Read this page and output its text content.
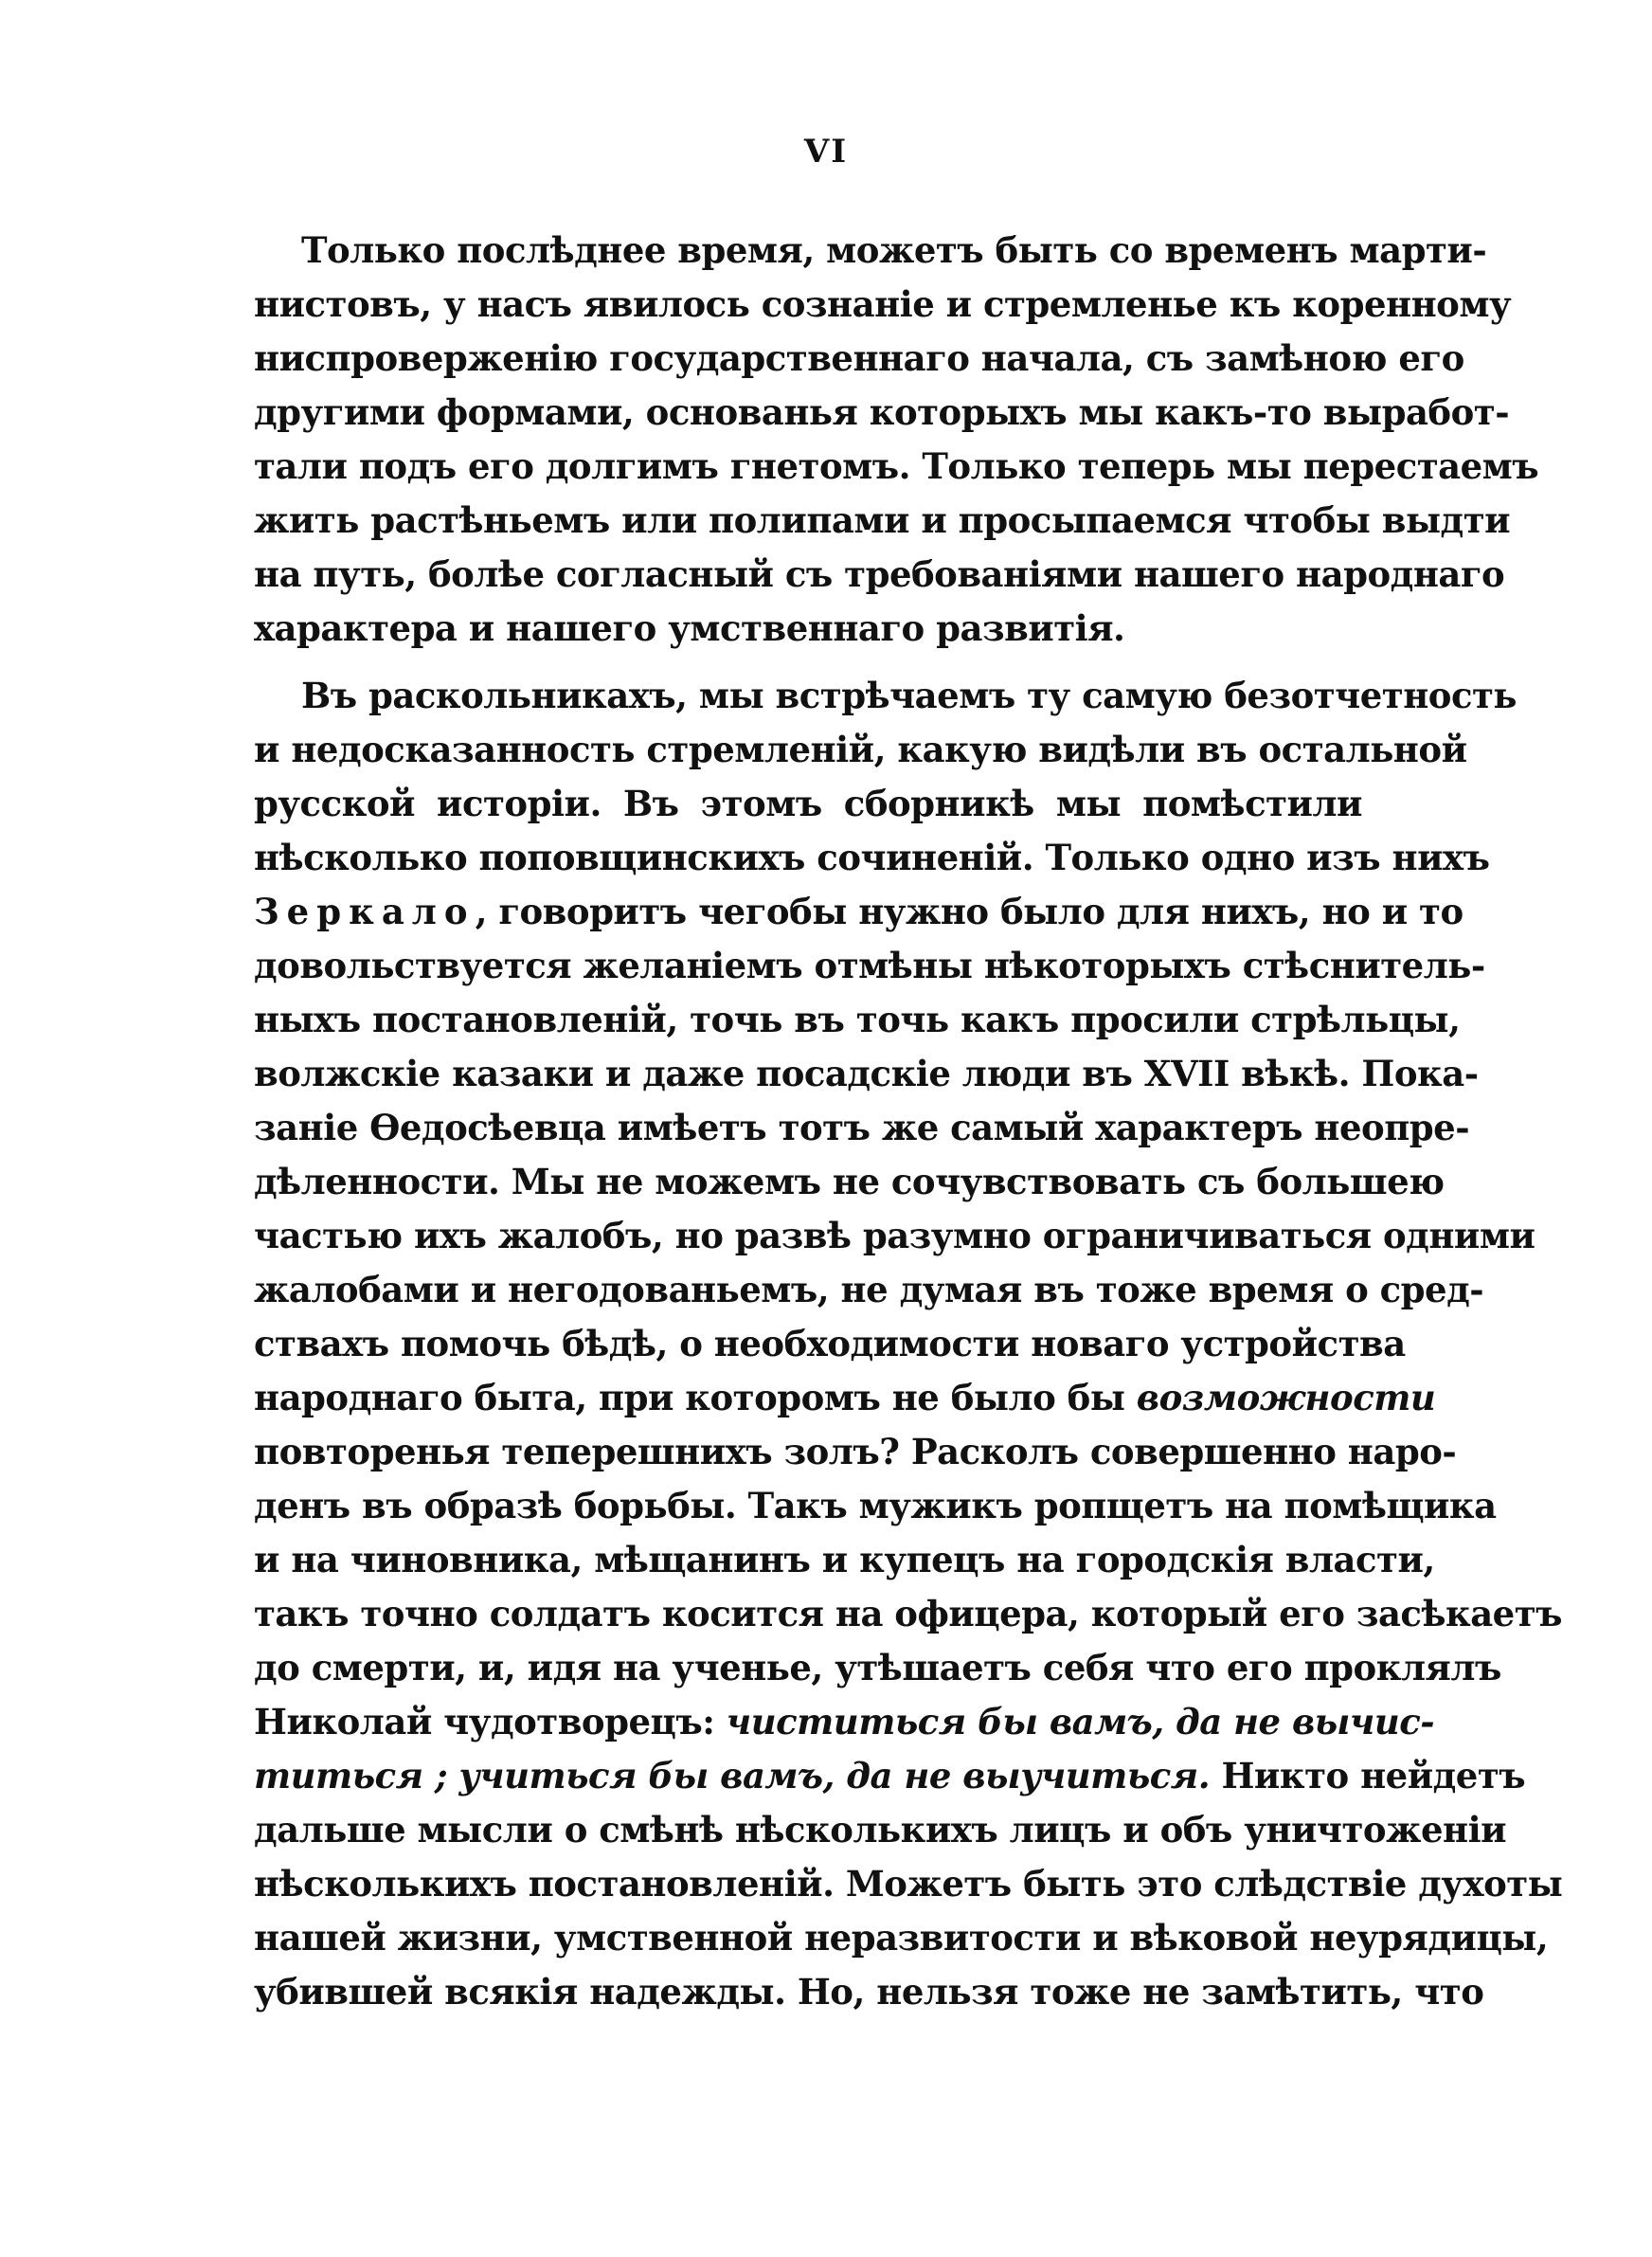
VI
Только послѣднее время, можетъ быть со временъ марти-
нистовъ, у насъ явилось сознаніе и стремленье къ коренному
ниспроверженію государственнаго начала, съ замѣною его
другими формами, основанья которыхъ мы какъ-то выработ-
тали подъ его долгимъ гнетомъ. Только теперь мы перестаемъ
жить растѣньемъ или полипами и просыпаемся чтобы выдти
на путь, болѣе согласный съ требованіями нашего народнаго
характера и нашего умственнаго развитія.
Въ раскольникахъ, мы встрѣчаемъ ту самую безотчетность
и недосказанность стремленій, какую видѣли въ остальной
русской исторіи. Въ этомъ сборникѣ мы помѣстили
нѣсколько поповщинскихъ сочиненій. Только одно изъ нихъ
Зеркало, говоритъ чегобы нужно было для нихъ, но и то
довольствуется желаніемъ отмѣны нѣкоторыхъ стѣснитель-
ныхъ постановленій, точь въ точь какъ просили стрѣльцы,
волжскіе казаки и даже посадскіе люди въ XVII вѣкѣ. Пока-
заніе Ѳедосѣевца имѣетъ тотъ же самый характеръ неопре-
дѣленности. Мы не можемъ не сочувствовать съ большею
частью ихъ жалобъ, но развѣ разумно ограничиваться одними
жалобами и негодованьемъ, не думая въ тоже время о сред-
ствахъ помочь бѣдѣ, о необходимости новаго устройства
народнаго быта, при которомъ не было бы возможности
повторенья теперешнихъ золъ? Расколъ совершенно наро-
денъ въ образѣ борьбы. Такъ мужикъ ропщетъ на помѣщика
и на чиновника, мѣщанинъ и купецъ на городскія власти,
такъ точно солдатъ косится на офицера, который его засѣкаетъ
до смерти, и, идя на ученье, утѣшаетъ себя что его проклялъ
Николай чудотворецъ: чиститься бы вамъ, да не вычис-
титься ; учиться бы вамъ, да не выучиться. Никто нейдетъ
дальше мысли о смѣнѣ нѣсколькихъ лицъ и объ уничтоженіи
нѣсколькихъ постановленій. Можетъ быть это слѣдствіе духоты
нашей жизни, умственной неразвитости и вѣковой неурядицы,
убившей всякія надежды. Но, нельзя тоже не замѣтить, что
